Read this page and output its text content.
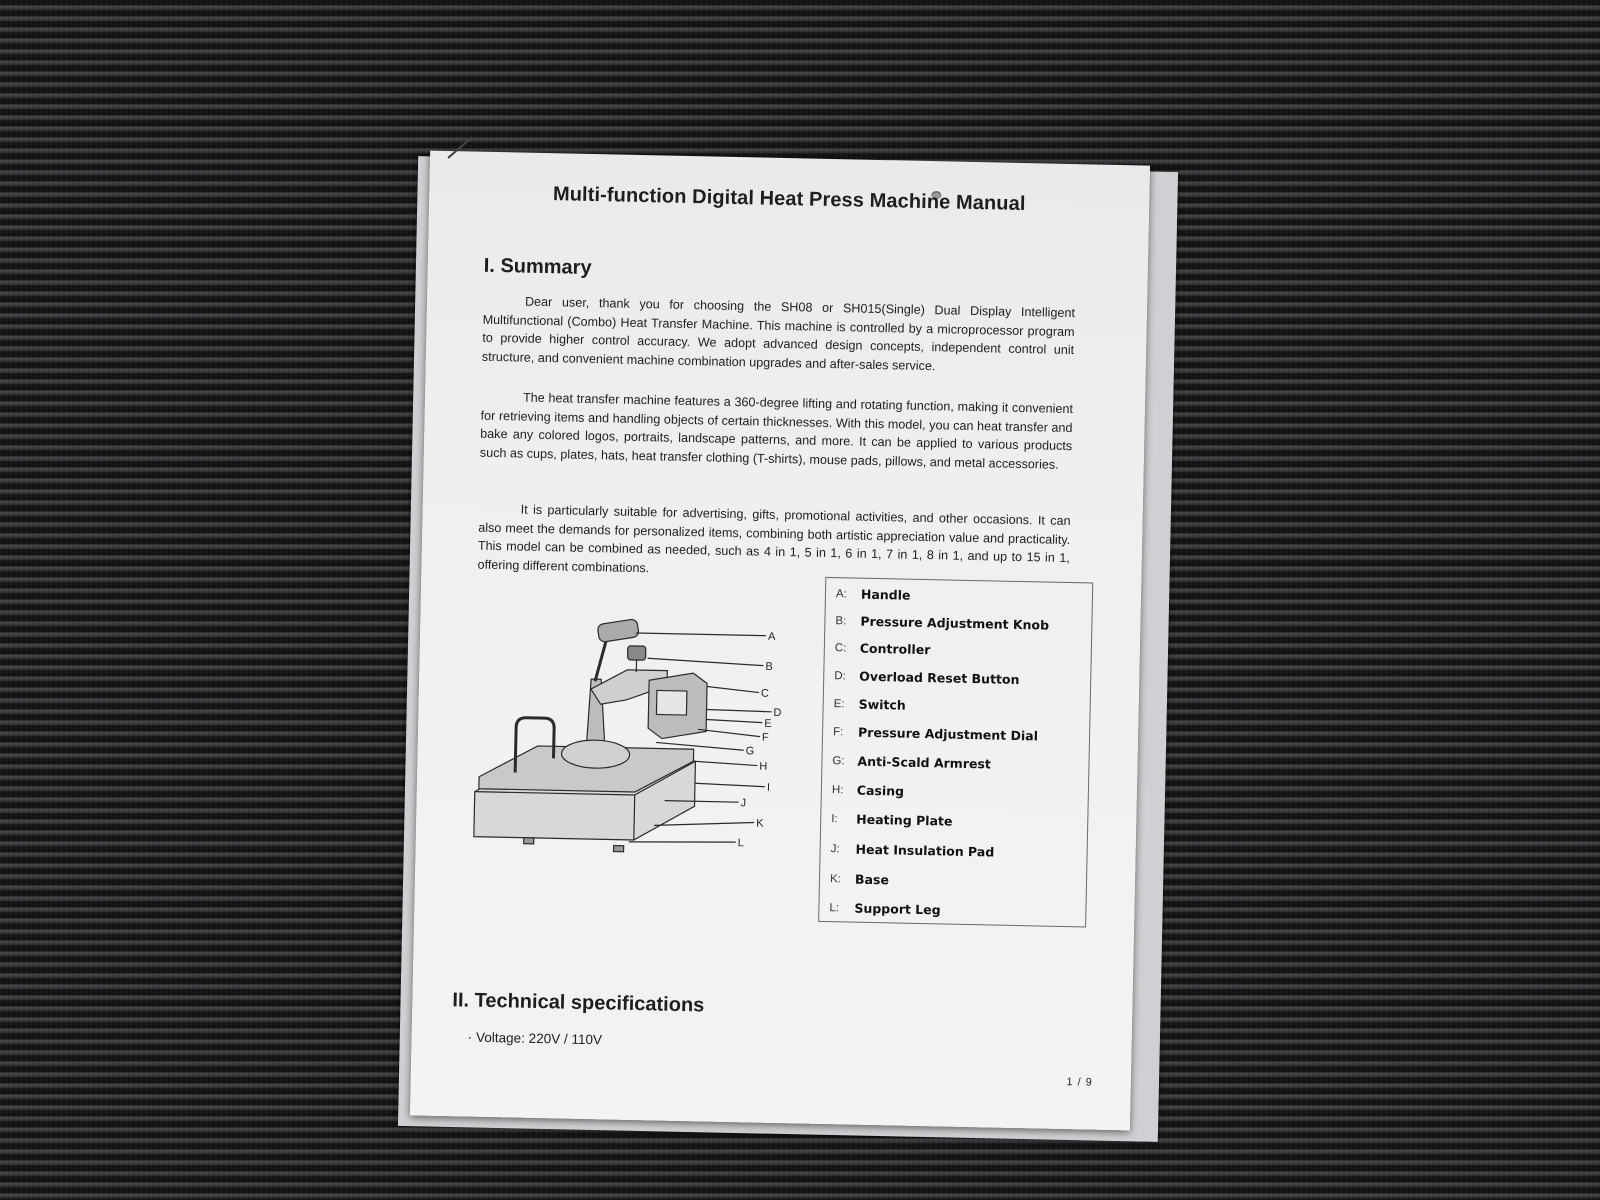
Multi-function Digital Heat Press Machine Manual
I. Summary

Dear user, thank you for choosing the SH08 or SH015(Single) Dual Display Intelligent Multifunctional (Combo) Heat Transfer Machine. This machine is controlled by a microprocessor program to provide higher control accuracy. We adopt advanced design concepts, independent control unit structure, and convenient machine combination upgrades and after-sales service.

The heat transfer machine features a 360-degree lifting and rotating function, making it convenient for retrieving items and handling objects of certain thicknesses. With this model, you can heat transfer and bake any colored logos, portraits, landscape patterns, and more. It can be applied to various products such as cups, plates, hats, heat transfer clothing (T-shirts), mouse pads, pillows, and metal accessories.

It is particularly suitable for advertising, gifts, promotional activities, and other occasions. It can also meet the demands for personalized items, combining both artistic appreciation value and practicality. This model can be combined as needed, such as 4 in 1, 5 in 1, 6 in 1, 7 in 1, 8 in 1, and up to 15 in 1, offering different combinations.

A
B
C
D
E
F
G
H
I
J
K
L
A:	Handle
B:	Pressure Adjustment Knob
C:	Controller
D:	Overload Reset Button
E:	Switch
F:	Pressure Adjustment Dial
G:	Anti-Scald Armrest
H:	Casing
I:	Heating Plate
J:	Heat Insulation Pad
K:	Base
L:	Support Leg
II. Technical specifications
· Voltage: 220V / 110V
1 / 9
